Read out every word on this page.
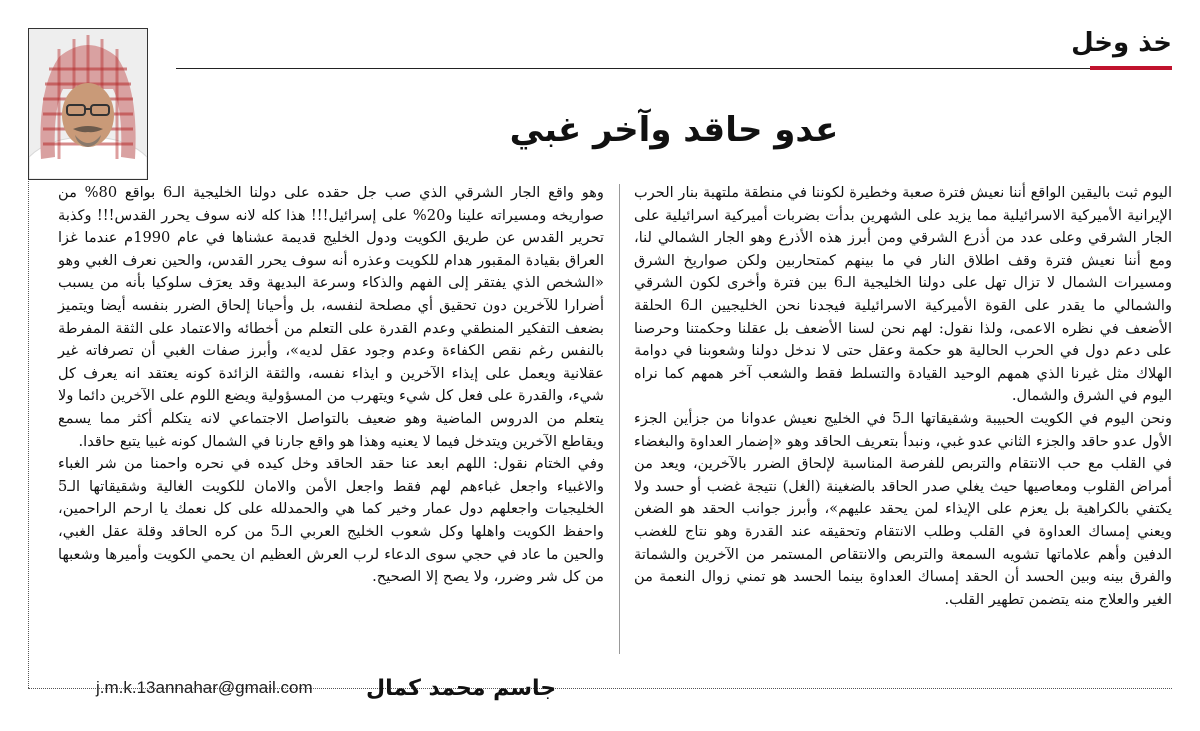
خذ وخل
عدو حاقد وآخر غبي

اليوم ثبت باليقين الواقع أننا نعيش فترة صعبة وخطيرة لكوننا في منطقة ملتهبة بنار الحرب الإيرانية الأميركية الاسرائيلية مما يزيد على الشهرين بدأت بضربات أميركية اسرائيلية على الجار الشرقي وعلى عدد من أذرع الشرقي ومن أبرز هذه الأذرع وهو الجار الشمالي لنا، ومع أننا نعيش فترة وقف اطلاق النار في ما بينهم كمتحاربين ولكن صواريخ الشرق ومسيرات الشمال لا تزال تهل على دولنا الخليجية الـ6 بين فترة وأخرى لكون الشرقي والشمالي ما يقدر على القوة الأميركية الاسرائيلية فيجدنا نحن الخليجيين الـ6 الحلقة الأضعف في نظره الاعمى، ولذا نقول: لهم نحن لسنا الأضعف بل عقلنا وحكمتنا وحرصنا على دعم دول في الحرب الحالية هو حكمة وعقل حتى لا ندخل دولنا وشعوبنا في دوامة الهلاك مثل غيرنا الذي همهم الوحيد القيادة والتسلط فقط والشعب آخر همهم كما نراه اليوم في الشرق والشمال.

ونحن اليوم في الكويت الحبيبة وشقيقاتها الـ5 في الخليج نعيش عدوانا من جزأين الجزء الأول عدو حاقد والجزء الثاني عدو غبي، ونبدأ بتعريف الحاقد وهو «إضمار العداوة والبغضاء في القلب مع حب الانتقام والتربص للفرصة المناسبة لإلحاق الضرر بالآخرين، ويعد من أمراض القلوب ومعاصيها حيث يغلي صدر الحاقد بالضغينة (الغل) نتيجة غضب أو حسد ولا يكتفي بالكراهية بل يعزم على الإيذاء لمن يحقد عليهم»، وأبرز جوانب الحقد هو الضغن ويعني إمساك العداوة في القلب وطلب الانتقام وتحقيقه عند القدرة وهو نتاج للغضب الدفين وأهم علاماتها تشويه السمعة والتربص والانتقاص المستمر من الآخرين والشماتة والفرق بينه وبين الحسد أن الحقد إمساك العداوة بينما الحسد هو تمني زوال النعمة من الغير والعلاج منه يتضمن تطهير القلب.

وهو واقع الجار الشرقي الذي صب جل حقده على دولنا الخليجية الـ6 بواقع 80% من صواريخه ومسيراته علينا و20% على إسرائيل!!! هذا كله لانه سوف يحرر القدس!!! وكذبة تحرير القدس عن طريق الكويت ودول الخليج قديمة عشناها في عام 1990م عندما غزا العراق بقيادة المقبور هدام للكويت وعذره أنه سوف يحرر القدس، والحين نعرف الغبي وهو «الشخص الذي يفتقر إلى الفهم والذكاء وسرعة البديهة وقد يعرَف سلوكيا بأنه من يسبب أضرارا للآخرين دون تحقيق أي مصلحة لنفسه، بل وأحيانا إلحاق الضرر بنفسه أيضا ويتميز بضعف التفكير المنطقي وعدم القدرة على التعلم من أخطائه والاعتماد على الثقة المفرطة بالنفس رغم نقص الكفاءة وعدم وجود عقل لديه»، وأبرز صفات الغبي أن تصرفاته غير عقلانية ويعمل على إيذاء الآخرين و ايذاء نفسه، والثقة الزائدة كونه يعتقد انه يعرف كل شيء، والقدرة على فعل كل شيء ويتهرب من المسؤولية ويضع اللوم على الآخرين دائما ولا يتعلم من الدروس الماضية وهو ضعيف بالتواصل الاجتماعي لانه يتكلم أكثر مما يسمع ويقاطع الآخرين ويتدخل فيما لا يعنيه وهذا هو واقع جارنا في الشمال كونه غبيا يتبع حاقدا.

وفي الختام نقول: اللهم ابعد عنا حقد الحاقد وخل كيده في نحره واحمنا من شر الغباء والاغبياء واجعل غباءهم لهم فقط واجعل الأمن والامان للكويت الغالية وشقيقاتها الـ5 الخليجيات واجعلهم دول عمار وخير كما هي والحمدلله على كل نعمك يا ارحم الراحمين، واحفظ الكويت واهلها وكل شعوب الخليج العربي الـ5 من كره الحاقد وقلة عقل الغبي، والحين ما عاد في حجي سوى الدعاء لرب العرش العظيم ان يحمي الكويت وأميرها وشعبها من كل شر وضرر، ولا يصح إلا الصحيح.

جاسم محمد كمال
j.m.k.13annahar@gmail.com
